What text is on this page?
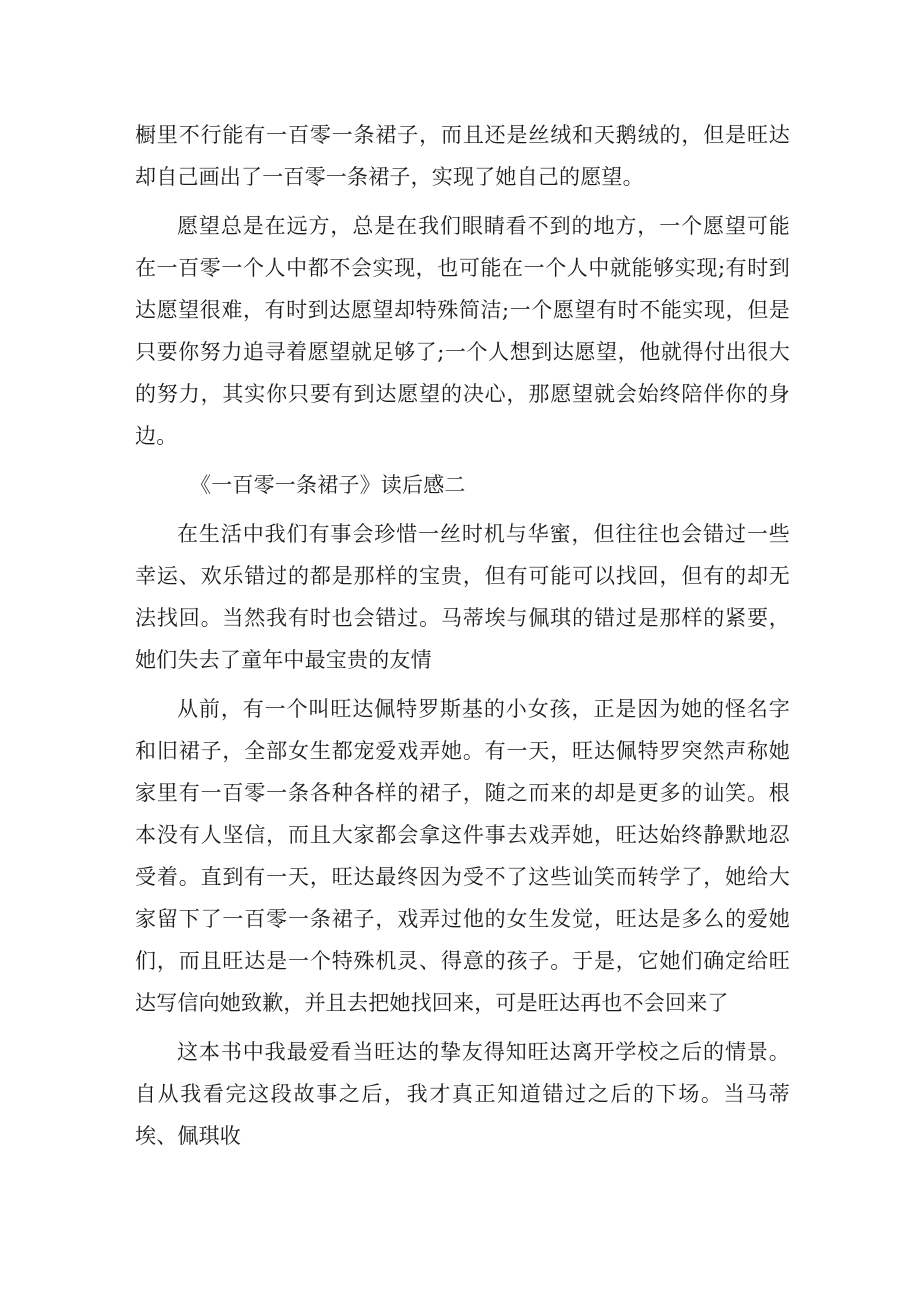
橱里不行能有一百零一条裙子，而且还是丝绒和天鹅绒的，但是旺达却自己画出了一百零一条裙子，实现了她自己的愿望。

愿望总是在远方，总是在我们眼睛看不到的地方，一个愿望可能在一百零一个人中都不会实现，也可能在一个人中就能够实现;有时到达愿望很难，有时到达愿望却特殊简洁;一个愿望有时不能实现，但是只要你努力追寻着愿望就足够了;一个人想到达愿望，他就得付出很大的努力，其实你只要有到达愿望的决心，那愿望就会始终陪伴你的身边。

《一百零一条裙子》读后感二

在生活中我们有事会珍惜一丝时机与华蜜，但往往也会错过一些幸运、欢乐错过的都是那样的宝贵，但有可能可以找回，但有的却无法找回。当然我有时也会错过。马蒂埃与佩琪的错过是那样的紧要，她们失去了童年中最宝贵的友情

从前，有一个叫旺达佩特罗斯基的小女孩，正是因为她的怪名字和旧裙子，全部女生都宠爱戏弄她。有一天，旺达佩特罗突然声称她家里有一百零一条各种各样的裙子，随之而来的却是更多的讪笑。根本没有人坚信，而且大家都会拿这件事去戏弄她，旺达始终静默地忍受着。直到有一天，旺达最终因为受不了这些讪笑而转学了，她给大家留下了一百零一条裙子，戏弄过他的女生发觉，旺达是多么的爱她们，而且旺达是一个特殊机灵、得意的孩子。于是，它她们确定给旺达写信向她致歉，并且去把她找回来，可是旺达再也不会回来了

这本书中我最爱看当旺达的挚友得知旺达离开学校之后的情景。自从我看完这段故事之后，我才真正知道错过之后的下场。当马蒂埃、佩琪收
